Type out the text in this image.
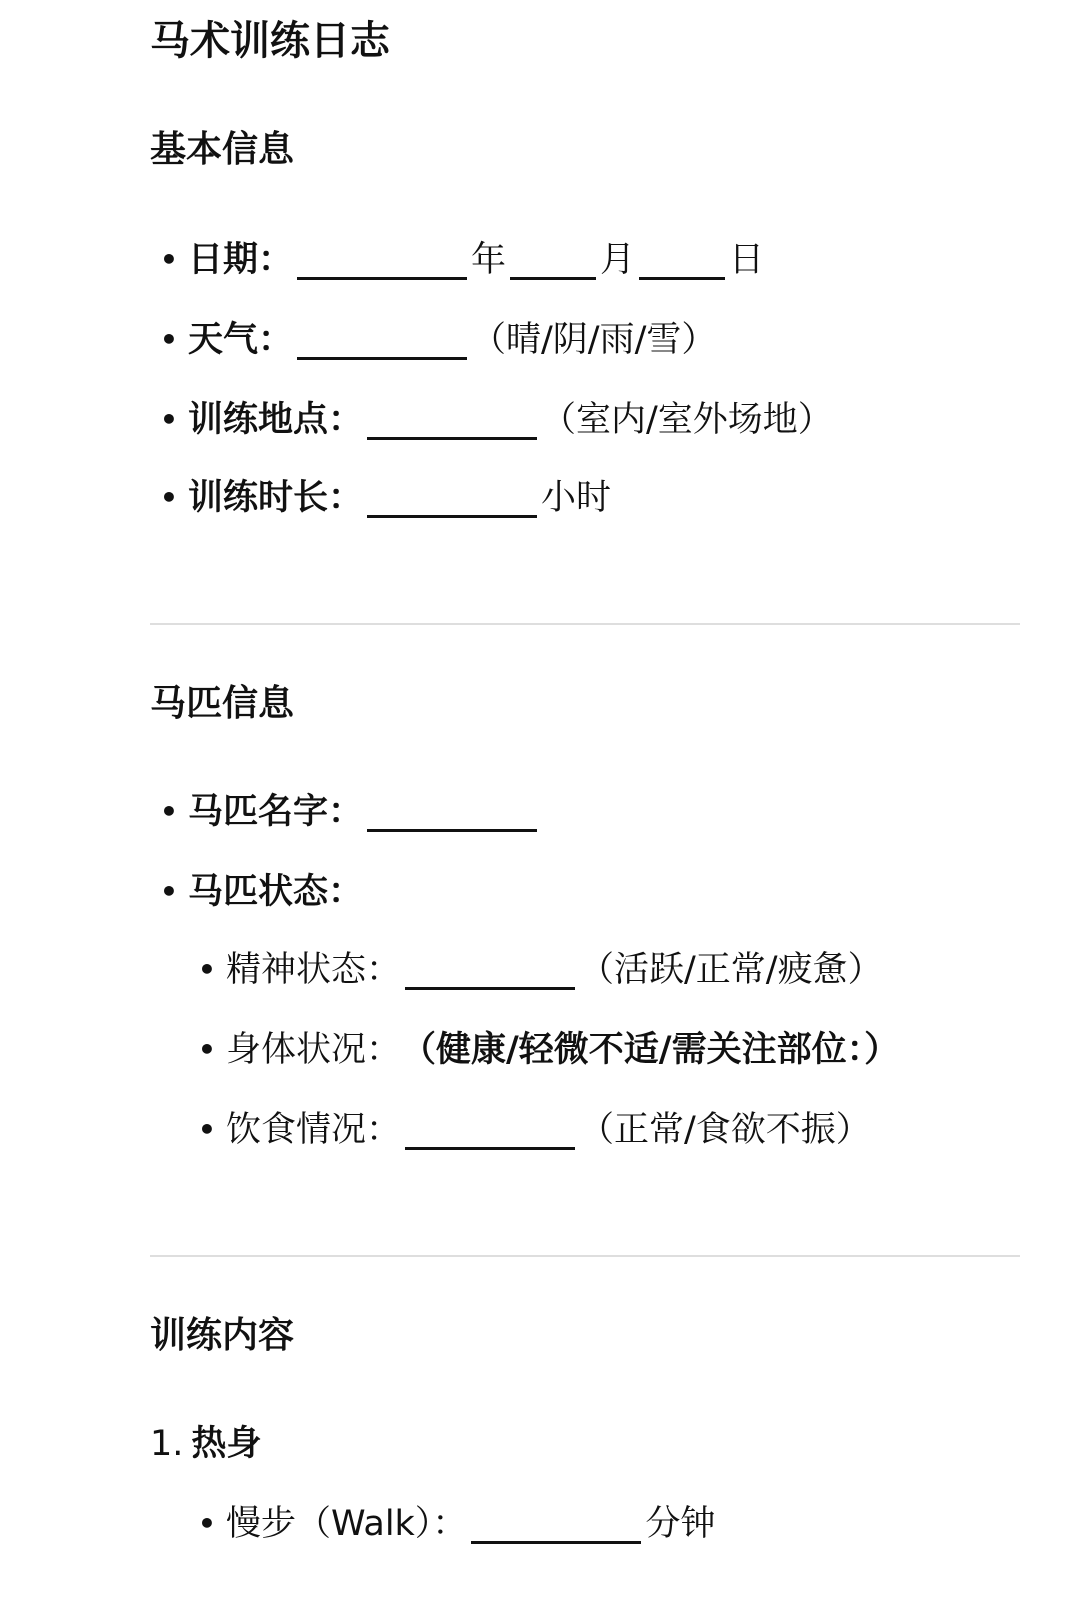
马术训练日志
基本信息
• 日期：	年	月	日
• 天气：	（晴/阴/雨/雪）
• 训练地点：	（室内/室外场地）
• 训练时长：	小时
马匹信息
• 马匹名字：
• 马匹状态：
• 精神状态：	（活跃/正常/疲惫）
• 身体状况： （健康/轻微不适/需关注部位：）
• 饮食情况：	（正常/食欲不振）
训练内容
1. 热身
• 慢步（Walk）：	分钟
